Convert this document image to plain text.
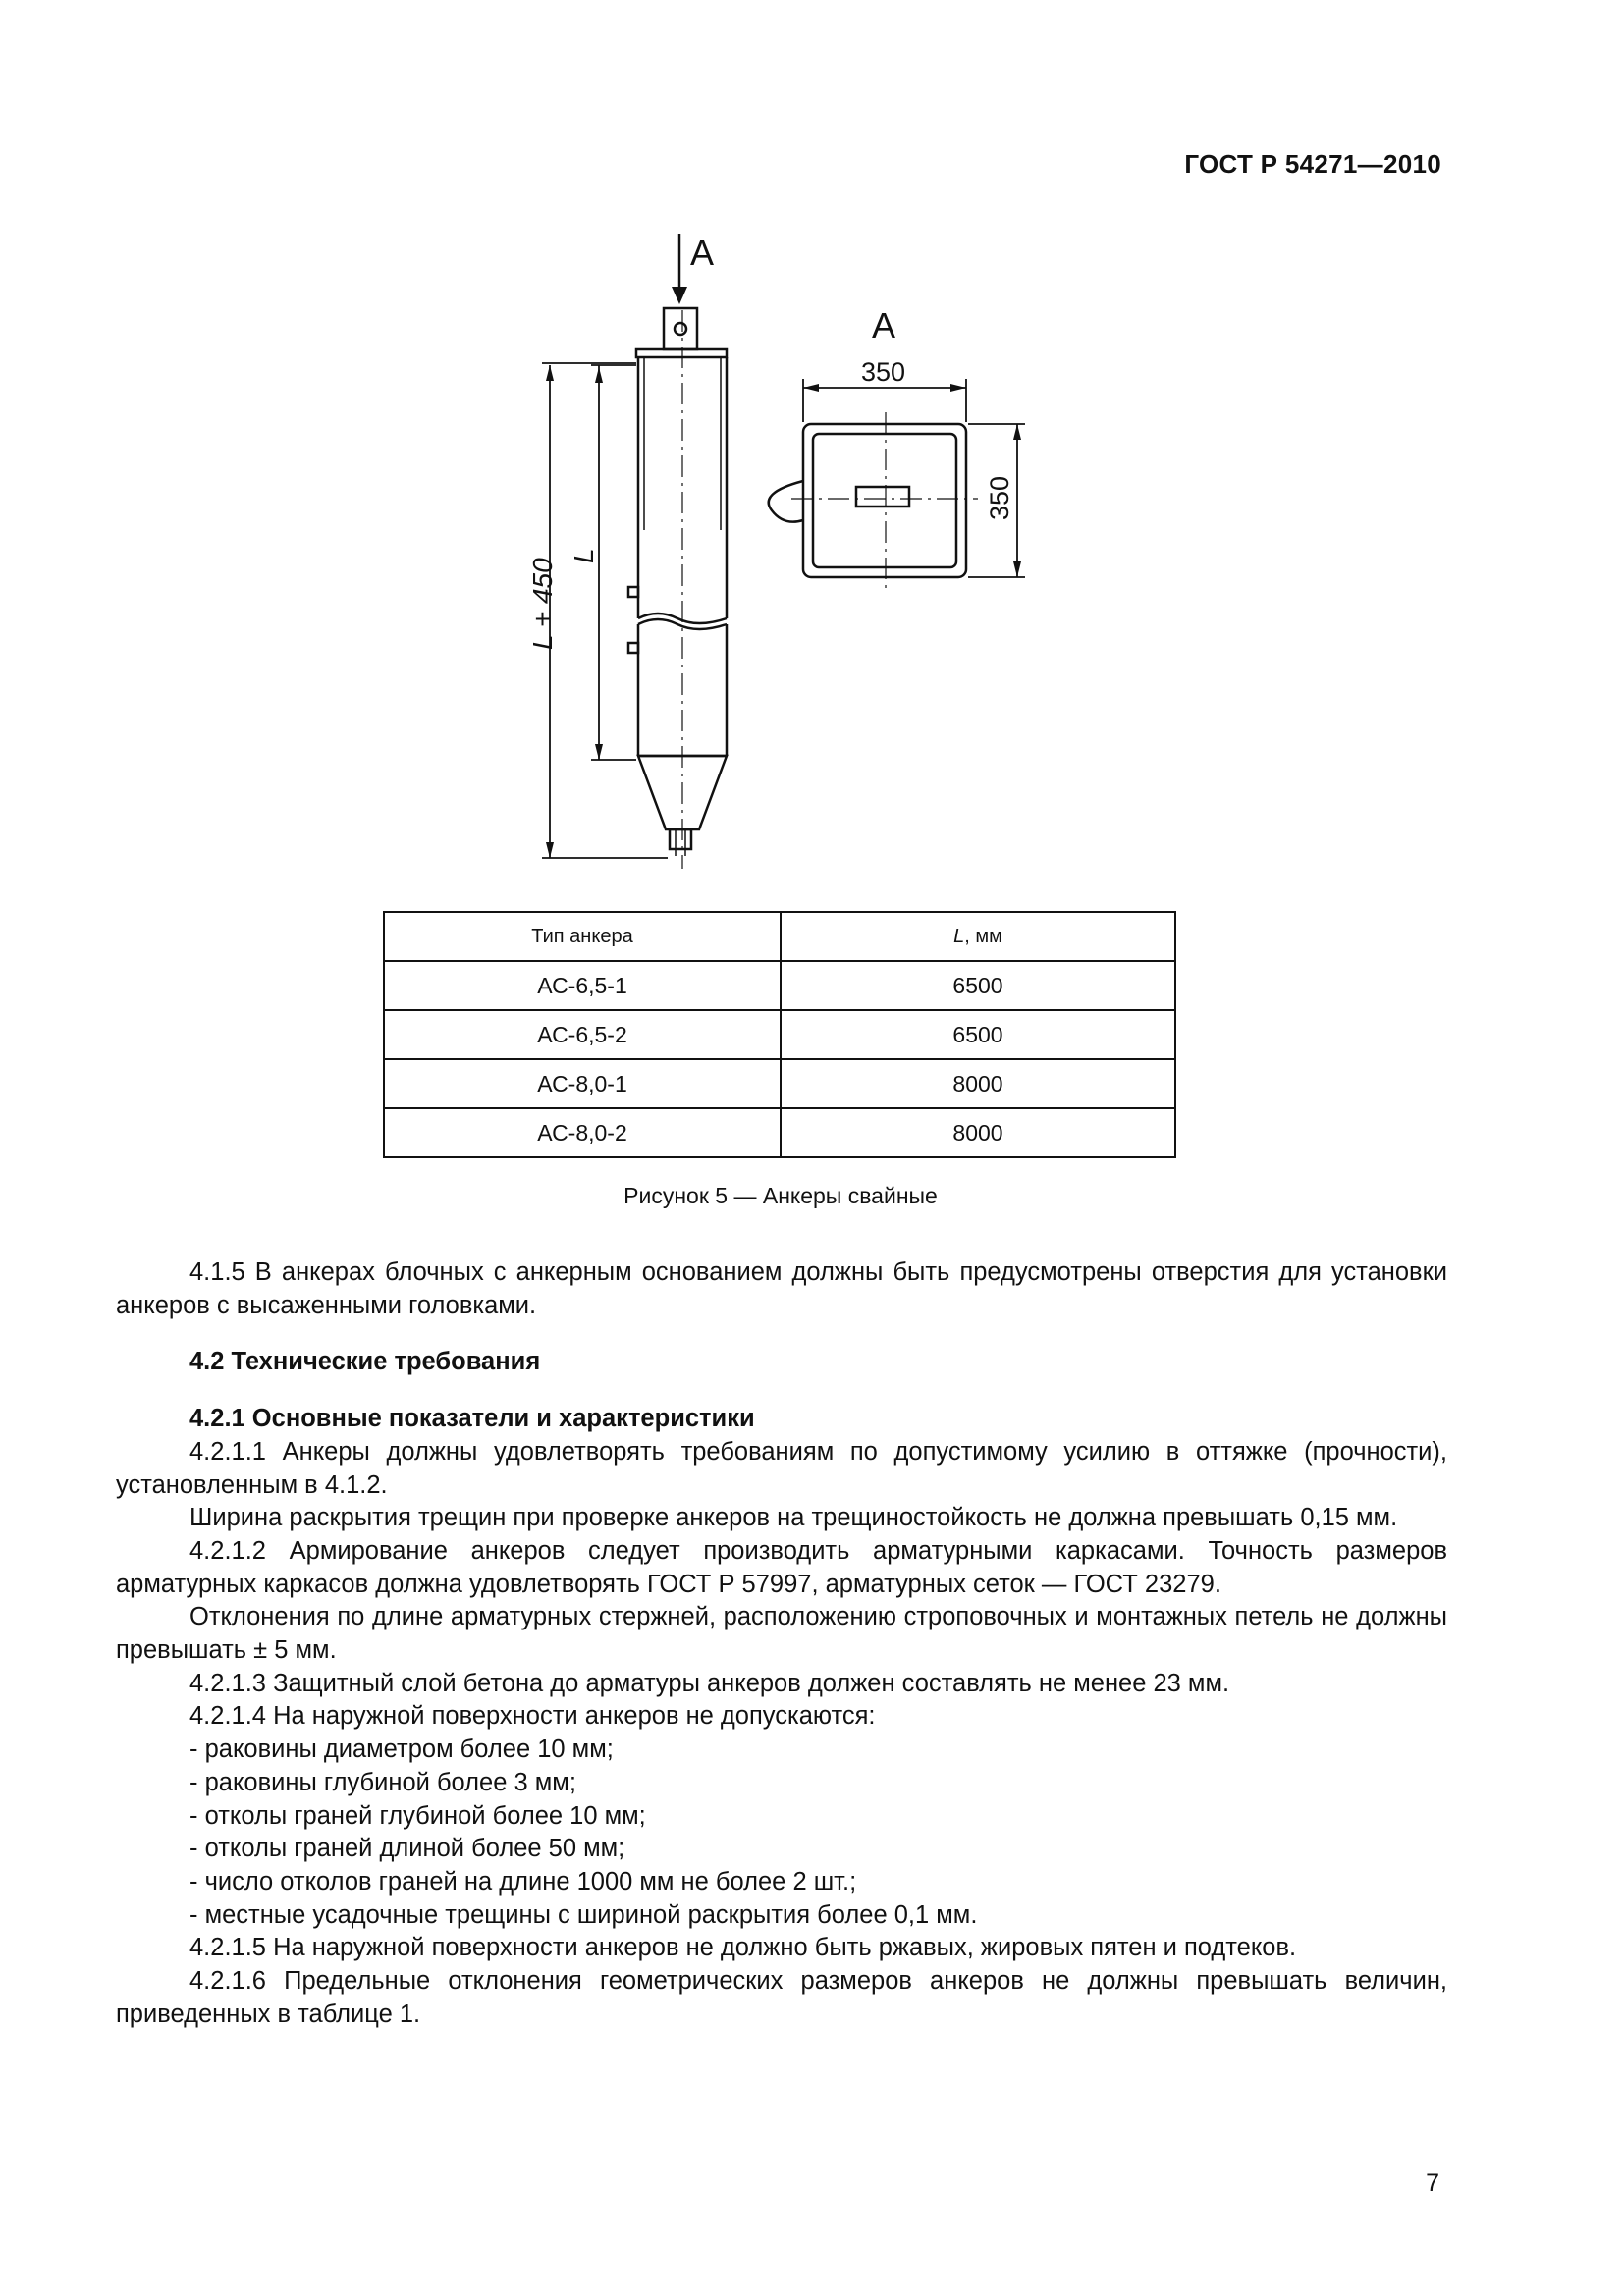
ГОСТ Р 54271—2010
А
А
350
350
L + 450
L
Тип анкера	L, мм
АС-6,5-1	6500
АС-6,5-2	6500
АС-8,0-1	8000
АС-8,0-2	8000
Рисунок 5 — Анкеры свайные

4.1.5 В анкерах блочных с анкерным основанием должны быть предусмотрены отверстия для установки анкеров с высаженными головками.

4.2 Технические требования

4.2.1 Основные показатели и характеристики

4.2.1.1 Анкеры должны удовлетворять требованиям по допустимому усилию в оттяжке (прочности), установленным в 4.1.2.

Ширина раскрытия трещин при проверке анкеров на трещиностойкость не должна превышать 0,15 мм.

4.2.1.2 Армирование анкеров следует производить арматурными каркасами. Точность размеров арматурных каркасов должна удовлетворять ГОСТ Р 57997, арматурных сеток — ГОСТ 23279.

Отклонения по длине арматурных стержней, расположению строповочных и монтажных петель не должны превышать ± 5 мм.

4.2.1.3 Защитный слой бетона до арматуры анкеров должен составлять не менее 23 мм.

4.2.1.4 На наружной поверхности анкеров не допускаются:

- раковины диаметром более 10 мм;

- раковины глубиной более 3 мм;

- отколы граней глубиной более 10 мм;

- отколы граней длиной более 50 мм;

- число отколов граней на длине 1000 мм не более 2 шт.;

- местные усадочные трещины с шириной раскрытия более 0,1 мм.

4.2.1.5 На наружной поверхности анкеров не должно быть ржавых, жировых пятен и подтеков.

4.2.1.6 Предельные отклонения геометрических размеров анкеров не должны превышать величин, приведенных в таблице 1.

7
